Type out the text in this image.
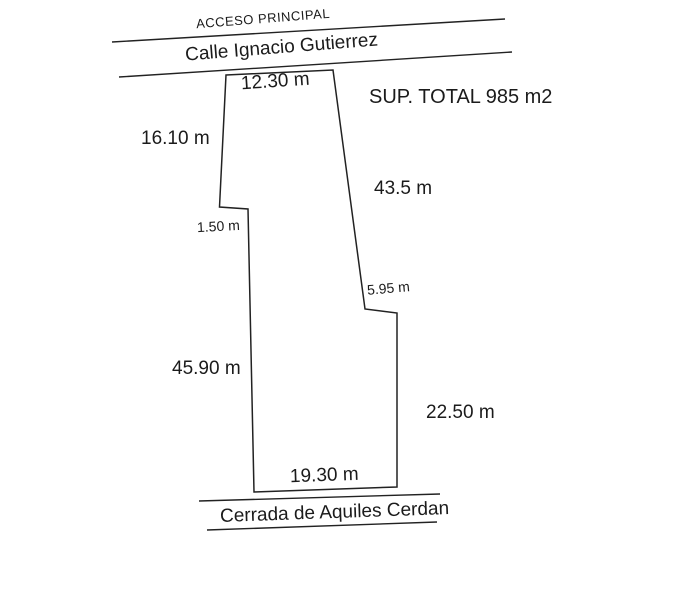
ACCESO PRINCIPAL
Calle Ignacio Gutierrez
SUP. TOTAL 985 m2
12.30 m
16.10 m
43.5 m
1.50 m
5.95 m
45.90 m
22.50 m
19.30 m
Cerrada de Aquiles Cerdan
